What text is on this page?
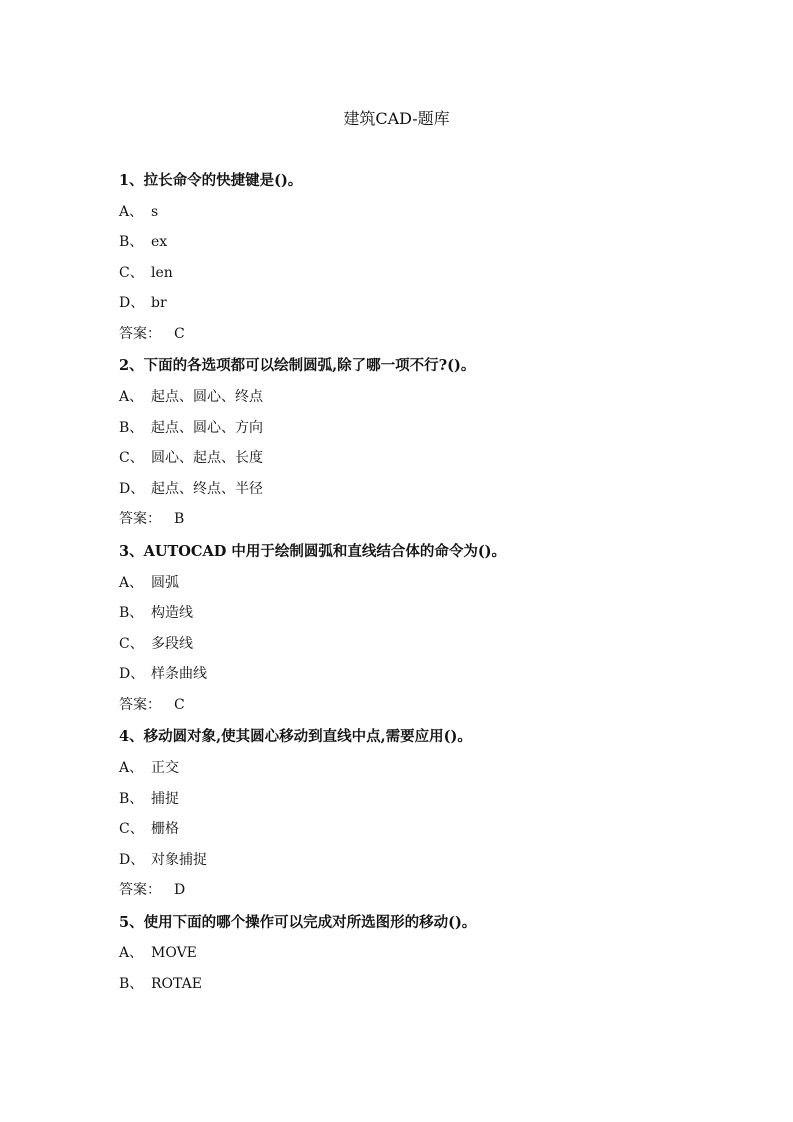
建筑CAD-题库
1、拉长命令的快捷键是()。
A、 s
B、 ex
C、 len
D、 br
答案： C
2、下面的各选项都可以绘制圆弧,除了哪一项不行?()。
A、 起点、圆心、终点
B、 起点、圆心、方向
C、 圆心、起点、长度
D、 起点、终点、半径
答案： B
3、AUTOCAD 中用于绘制圆弧和直线结合体的命令为()。
A、 圆弧
B、 构造线
C、 多段线
D、 样条曲线
答案： C
4、移动圆对象,使其圆心移动到直线中点,需要应用()。
A、 正交
B、 捕捉
C、 栅格
D、 对象捕捉
答案： D
5、使用下面的哪个操作可以完成对所选图形的移动()。
A、 MOVE
B、 ROTAE
